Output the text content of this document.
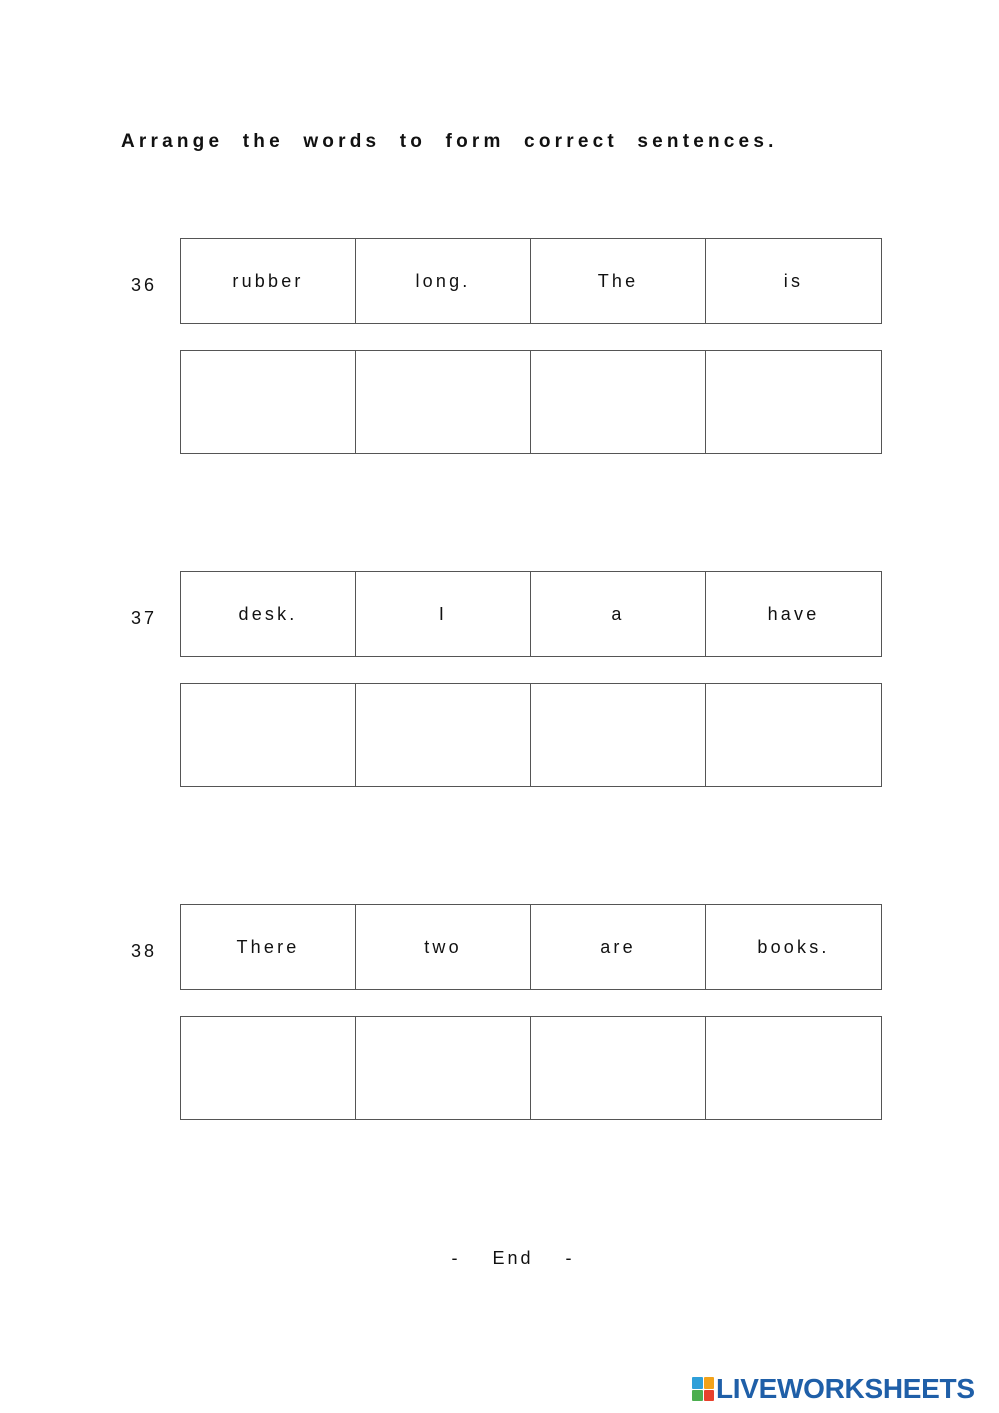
Arrange the words to form correct sentences.
36	rubber	long.	The	is
37	desk.	I	a	have
38	There	two	are	books.
-    End    -
LIVEWORKSHEETS
